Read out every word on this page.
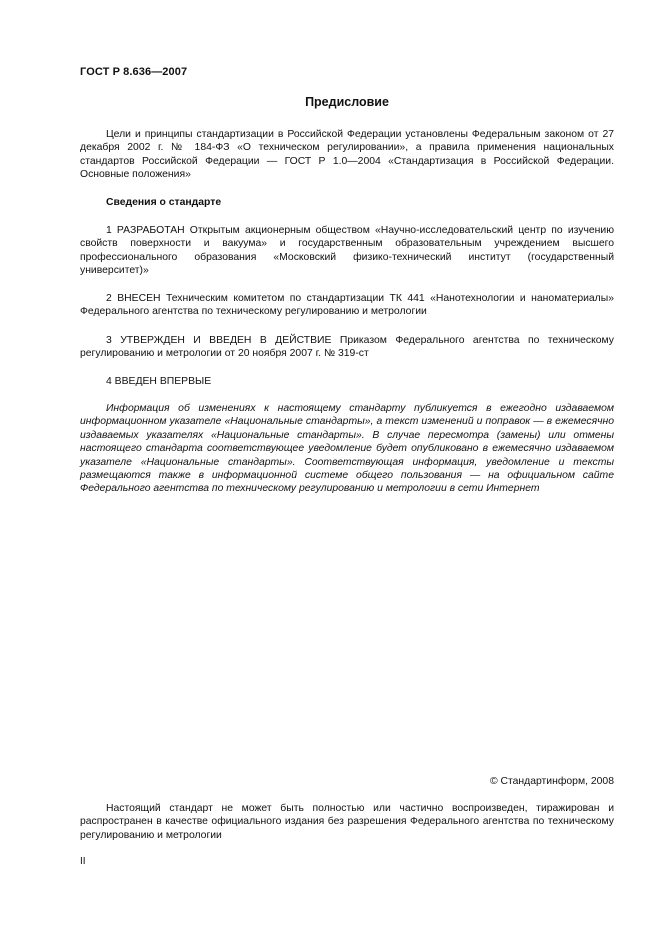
ГОСТ Р 8.636—2007
Предисловие

Цели и принципы стандартизации в Российской Федерации установлены Федеральным законом от 27 декабря 2002 г. № 184-ФЗ «О техническом регулировании», а правила применения национальных стандартов Российской Федерации — ГОСТ Р 1.0—2004 «Стандартизация в Российской Федерации. Основные положения»

Сведения о стандарте

1 РАЗРАБОТАН Открытым акционерным обществом «Научно-исследовательский центр по изучению свойств поверхности и вакуума» и государственным образовательным учреждением высшего профессионального образования «Московский физико-технический институт (государственный университет)»

2 ВНЕСЕН Техническим комитетом по стандартизации ТК 441 «Нанотехнологии и наноматериалы» Федерального агентства по техническому регулированию и метрологии

3 УТВЕРЖДЕН И ВВЕДЕН В ДЕЙСТВИЕ Приказом Федерального агентства по техническому регулированию и метрологии от 20 ноября 2007 г. № 319-ст

4 ВВЕДЕН ВПЕРВЫЕ

Информация об изменениях к настоящему стандарту публикуется в ежегодно издаваемом информационном указателе «Национальные стандарты», а текст изменений и поправок — в ежемесячно издаваемых указателях «Национальные стандарты». В случае пересмотра (замены) или отмены настоящего стандарта соответствующее уведомление будет опубликовано в ежемесячно издаваемом указателе «Национальные стандарты». Соответствующая информация, уведомление и тексты размещаются также в информационной системе общего пользования — на официальном сайте Федерального агентства по техническому регулированию и метрологии в сети Интернет

© Стандартинформ, 2008

Настоящий стандарт не может быть полностью или частично воспроизведен, тиражирован и распространен в качестве официального издания без разрешения Федерального агентства по техническому регулированию и метрологии

II
